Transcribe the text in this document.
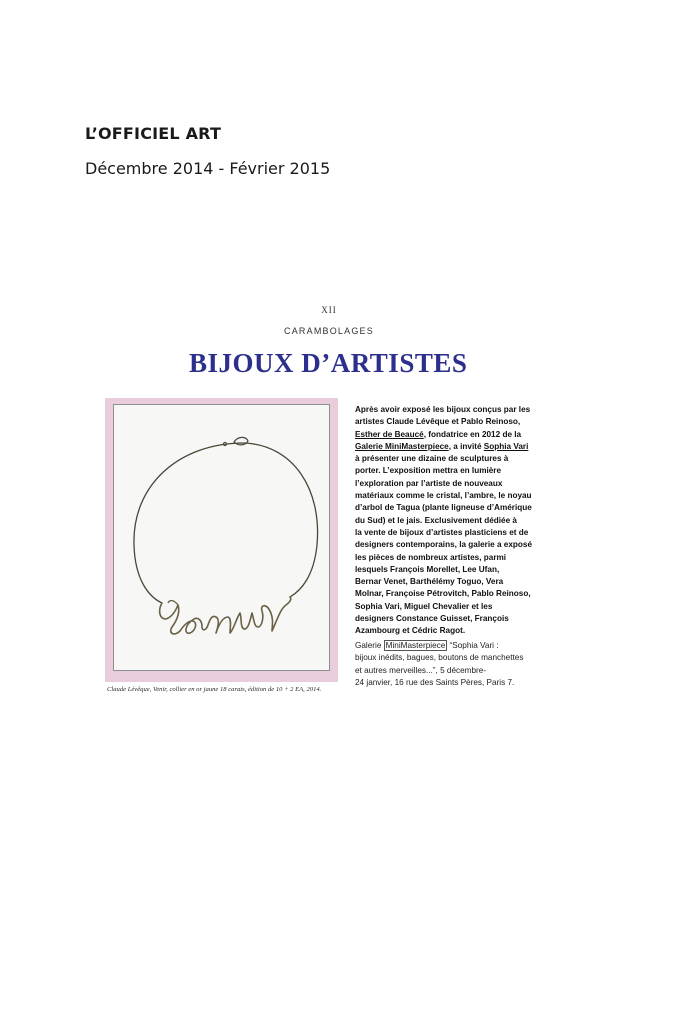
L’OFFICIEL ART
Décembre 2014 - Février 2015
XII
CARAMBOLAGES
BIJOUX D’ARTISTES
Claude Lévêque, Venir, collier en or jaune 18 carats, édition de 10 + 2 EA, 2014.
Après avoir exposé les bijoux conçus par les
artistes Claude Lévêque et Pablo Reinoso,
Esther de Beaucé, fondatrice en 2012 de la
Galerie MiniMasterpiece, a invité Sophia Vari
à présenter une dizaine de sculptures à
porter. L’exposition mettra en lumière
l’exploration par l’artiste de nouveaux
matériaux comme le cristal, l’ambre, le noyau
d’arbol de Tagua (plante ligneuse d’Amérique
du Sud) et le jais. Exclusivement dédiée à
la vente de bijoux d’artistes plasticiens et de
designers contemporains, la galerie a exposé
les pièces de nombreux artistes, parmi
lesquels François Morellet, Lee Ufan,
Bernar Venet, Barthélémy Toguo, Vera
Molnar, Françoise Pétrovitch, Pablo Reinoso,
Sophia Vari, Miguel Chevalier et les
designers Constance Guisset, François
Azambourg et Cédric Ragot.
Galerie MiniMasterpiece “Sophia Vari :
bijoux inédits, bagues, boutons de manchettes
et autres merveilles...”, 5 décembre-
24 janvier, 16 rue des Saints Pères, Paris 7.
